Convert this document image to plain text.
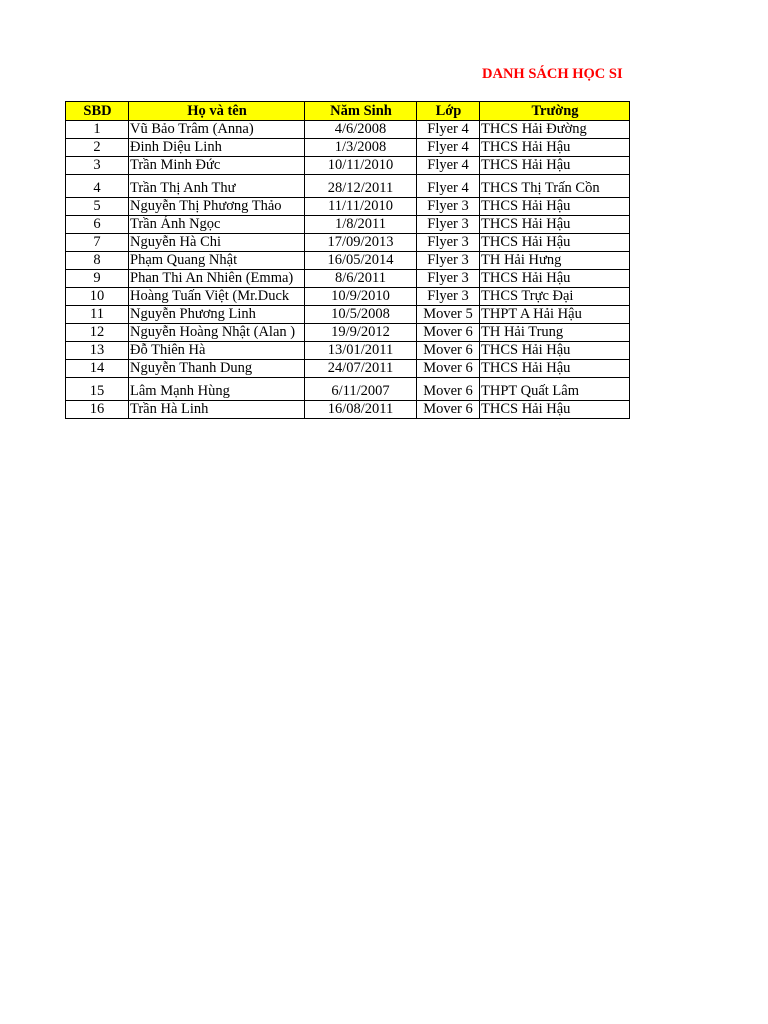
DANH SÁCH HỌC SI
SBD	Họ và tên	Năm Sinh	Lớp	Trường
1	Vũ Bảo Trâm (Anna)	4/6/2008	Flyer 4	THCS Hải Đường
2	Đinh Diệu Linh	1/3/2008	Flyer 4	THCS Hải Hậu
3	Trần Minh Đức	10/11/2010	Flyer 4	THCS Hải Hậu
4	Trần Thị Anh Thư	28/12/2011	Flyer 4	THCS Thị Trấn Cồn
5	Nguyễn Thị Phương Thảo	11/11/2010	Flyer 3	THCS Hải Hậu
6	Trần Ánh Ngọc	1/8/2011	Flyer 3	THCS Hải Hậu
7	Nguyễn Hà Chi	17/09/2013	Flyer 3	THCS Hải Hậu
8	Phạm Quang Nhật	16/05/2014	Flyer 3	TH Hải Hưng
9	Phan Thi An Nhiên (Emma)	8/6/2011	Flyer 3	THCS Hải Hậu
10	Hoàng Tuấn Việt (Mr.Duck	10/9/2010	Flyer 3	THCS Trực Đại
11	Nguyễn Phương Linh	10/5/2008	Mover 5	THPT A Hải Hậu
12	Nguyễn Hoàng Nhật (Alan )	19/9/2012	Mover 6	TH Hải Trung
13	Đỗ Thiên Hà	13/01/2011	Mover 6	THCS Hải Hậu
14	Nguyễn Thanh Dung	24/07/2011	Mover 6	THCS Hải Hậu
15	Lâm Mạnh Hùng	6/11/2007	Mover 6	THPT Quất Lâm
16	Trần Hà Linh	16/08/2011	Mover 6	THCS Hải Hậu
